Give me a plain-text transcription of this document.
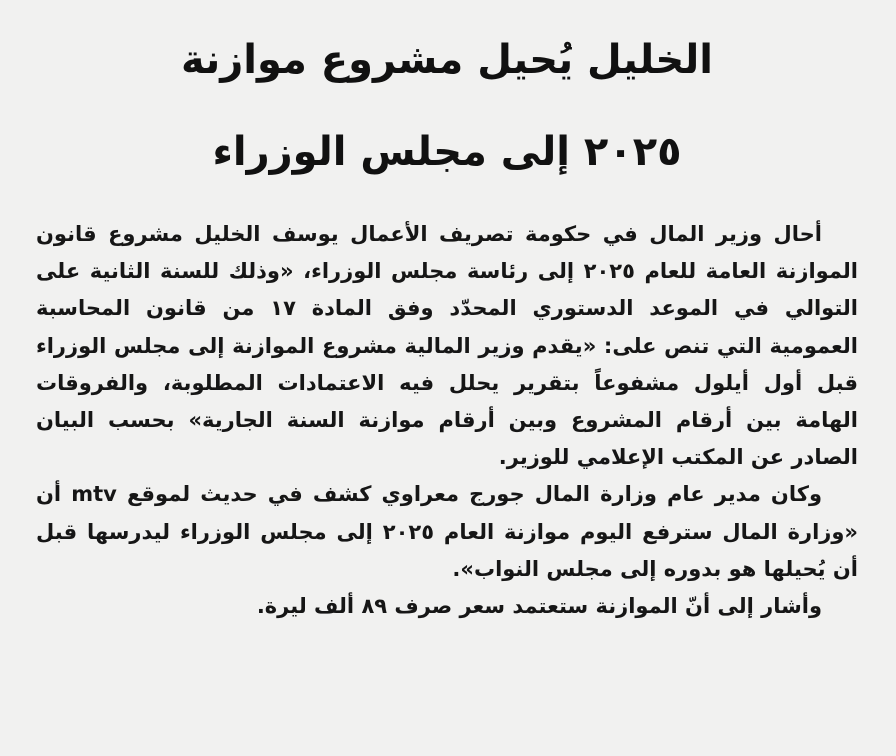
الخليل يُحيل مشروع موازنة
٢٠٢٥ إلى مجلس الوزراء

أحال وزير المال في حكومة تصريف الأعمال يوسف الخليل مشروع قانون الموازنة العامة للعام ٢٠٢٥ إلى رئاسة مجلس الوزراء، «وذلك للسنة الثانية على التوالي في الموعد الدستوري المحدّد وفق المادة ١٧ من قانون المحاسبة العمومية التي تنص على: «يقدم وزير المالية مشروع الموازنة إلى مجلس الوزراء قبل أول أيلول مشفوعاً بتقرير يحلل فيه الاعتمادات المطلوبة، والفروقات الهامة بين أرقام المشروع وبين أرقام موازنة السنة الجارية» بحسب البيان الصادر عن المكتب الإعلامي للوزير.

وكان مدير عام وزارة المال جورج معراوي كشف في حديث لموقع mtv أن «وزارة المال سترفع اليوم موازنة العام ٢٠٢٥ إلى مجلس الوزراء ليدرسها قبل أن يُحيلها هو بدوره إلى مجلس النواب».

وأشار إلى أنّ الموازنة ستعتمد سعر صرف ٨٩ ألف ليرة.
